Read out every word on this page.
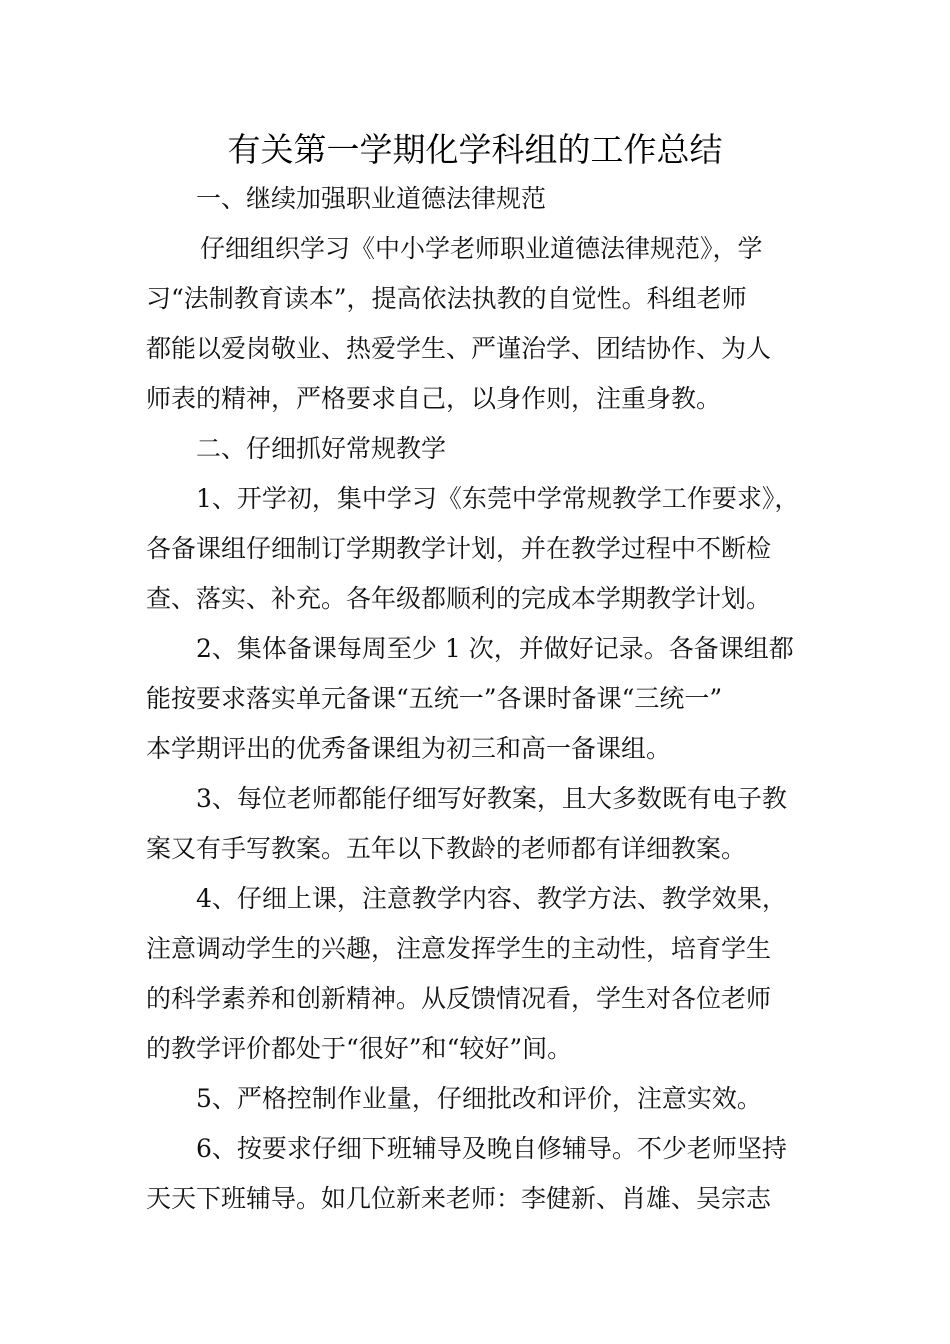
有关第一学期化学科组的工作总结
一、继续加强职业道德法律规范
仔细组织学习《中小学老师职业道德法律规范》，学
习“法制教育读本”，提高依法执教的自觉性。科组老师
都能以爱岗敬业、热爱学生、严谨治学、团结协作、为人
师表的精神，严格要求自己，以身作则，注重身教。
二、仔细抓好常规教学
1、开学初，集中学习《东莞中学常规教学工作要求》，
各备课组仔细制订学期教学计划，并在教学过程中不断检
查、落实、补充。各年级都顺利的完成本学期教学计划。
2、集体备课每周至少 1 次，并做好记录。各备课组都
能按要求落实单元备课“五统一”各课时备课“三统一”
本学期评出的优秀备课组为初三和高一备课组。
3、每位老师都能仔细写好教案，且大多数既有电子教
案又有手写教案。五年以下教龄的老师都有详细教案。
4、仔细上课，注意教学内容、教学方法、教学效果，
注意调动学生的兴趣，注意发挥学生的主动性，培育学生
的科学素养和创新精神。从反馈情况看，学生对各位老师
的教学评价都处于“很好”和“较好”间。
5、严格控制作业量，仔细批改和评价，注意实效。
6、按要求仔细下班辅导及晚自修辅导。不少老师坚持
天天下班辅导。如几位新来老师：李健新、肖雄、吴宗志
